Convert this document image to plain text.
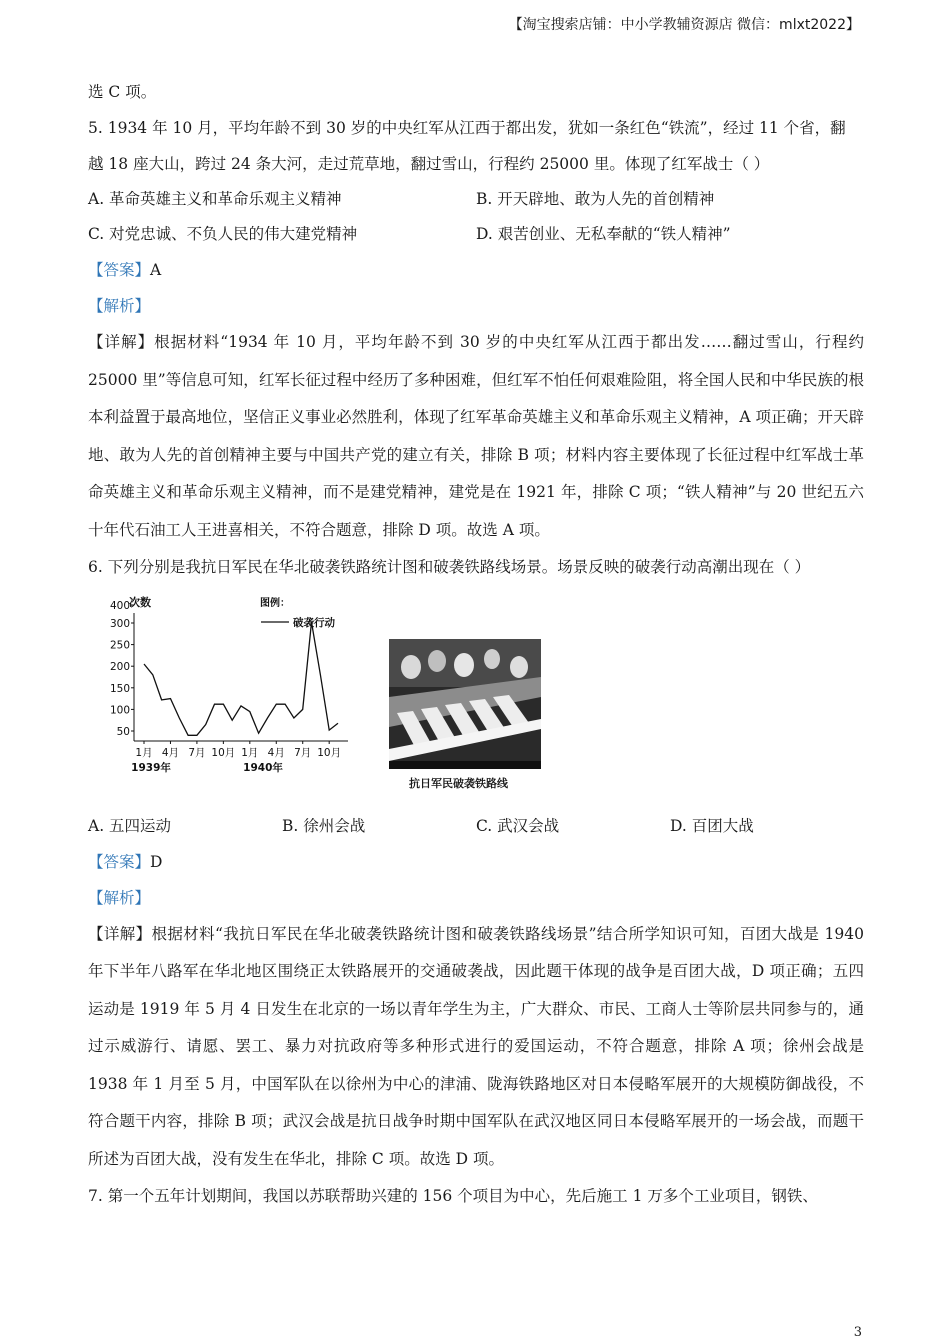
【淘宝搜索店铺：中小学教辅资源店 微信：mlxt2022】
选 C 项。
5. 1934 年 10 月，平均年龄不到 30 岁的中央红军从江西于都出发，犹如一条红色“铁流”，经过 11 个省，翻
越 18 座大山，跨过 24 条大河，走过荒草地，翻过雪山，行程约 25000 里。体现了红军战士（ ）
A. 革命英雄主义和革命乐观主义精神	B. 开天辟地、敢为人先的首创精神
C. 对党忠诚、不负人民的伟大建党精神	D. 艰苦创业、无私奉献的“铁人精神”
【答案】A
【解析】
【详解】根据材料“1934 年 10 月，平均年龄不到 30 岁的中央红军从江西于都出发……翻过雪山，行程约 25000 里”等信息可知，红军长征过程中经历了多种困难，但红军不怕任何艰难险阻，将全国人民和中华民族的根本利益置于最高地位，坚信正义事业必然胜利，体现了红军革命英雄主义和革命乐观主义精神，A 项正确；开天辟地、敢为人先的首创精神主要与中国共产党的建立有关，排除 B 项；材料内容主要体现了长征过程中红军战士革命英雄主义和革命乐观主义精神，而不是建党精神，建党是在 1921 年，排除 C 项；“铁人精神”与 20 世纪五六十年代石油工人王进喜相关，不符合题意，排除 D 项。故选 A 项。
6. 下列分别是我抗日军民在华北破袭铁路统计图和破袭铁路线场景。场景反映的破袭行动高潮出现在（ ）
次数	图例：
破袭行动
50
100
150
200
250
300
400
1月 4月 7月 10月 1月 4月 7月 10月
1939年	1940年
抗日军民破袭铁路线
A. 五四运动	B. 徐州会战	C. 武汉会战	D. 百团大战
【答案】D
【解析】
【详解】根据材料“我抗日军民在华北破袭铁路统计图和破袭铁路线场景”结合所学知识可知，百团大战是 1940 年下半年八路军在华北地区围绕正太铁路展开的交通破袭战，因此题干体现的战争是百团大战，D 项正确；五四运动是 1919 年 5 月 4 日发生在北京的一场以青年学生为主，广大群众、市民、工商人士等阶层共同参与的，通过示威游行、请愿、罢工、暴力对抗政府等多种形式进行的爱国运动，不符合题意，排除 A 项；徐州会战是 1938 年 1 月至 5 月，中国军队在以徐州为中心的津浦、陇海铁路地区对日本侵略军展开的大规模防御战役，不符合题干内容，排除 B 项；武汉会战是抗日战争时期中国军队在武汉地区同日本侵略军展开的一场会战，而题干所述为百团大战，没有发生在华北，排除 C 项。故选 D 项。
7. 第一个五年计划期间，我国以苏联帮助兴建的 156 个项目为中心，先后施工 1 万多个工业项目，钢铁、
3
